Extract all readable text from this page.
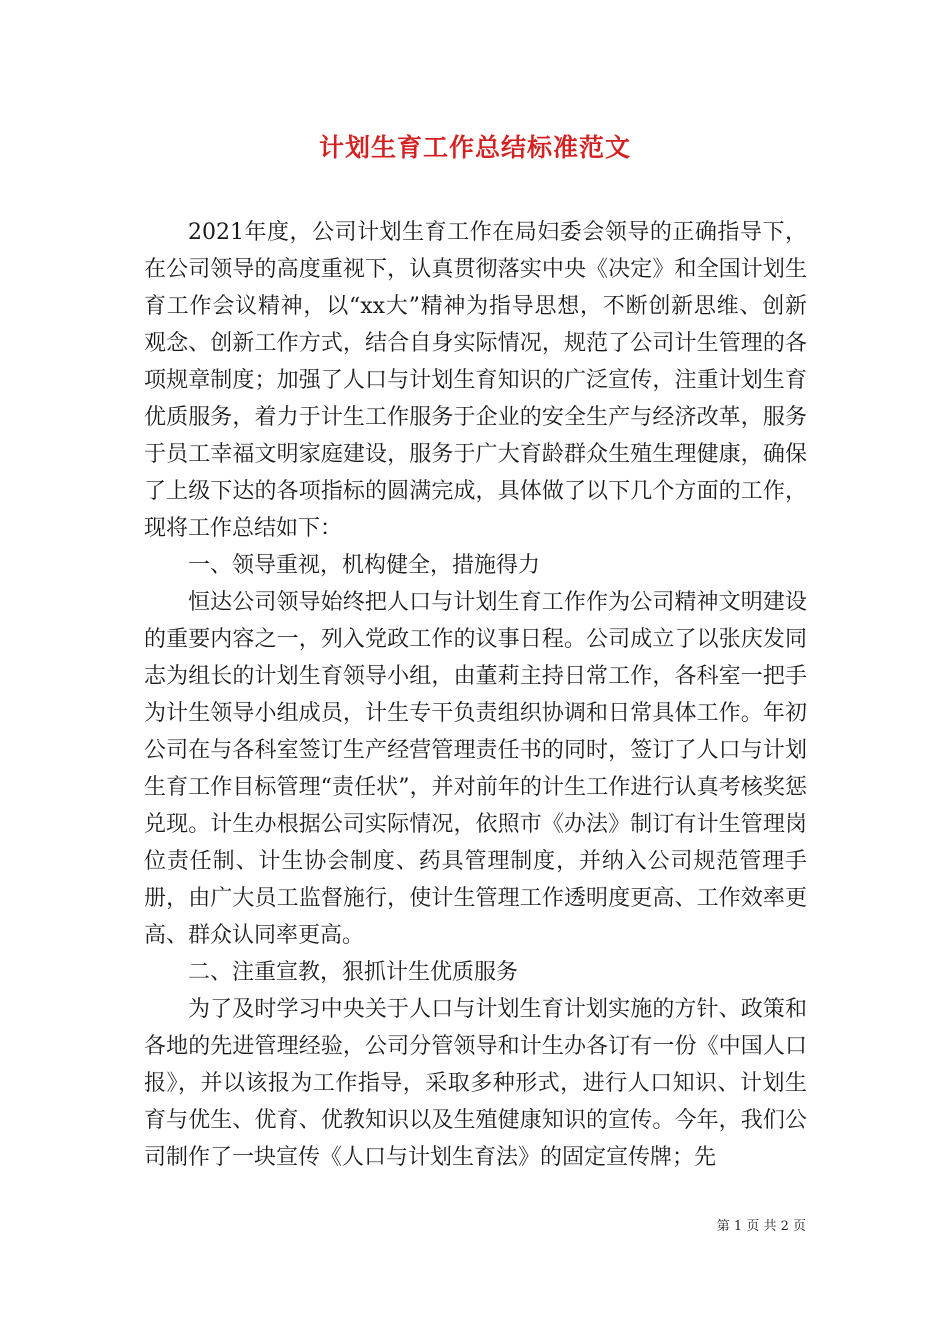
计划生育工作总结标准范文

2021年度，公司计划生育工作在局妇委会领导的正确指导下，在公司领导的高度重视下，认真贯彻落实中央《决定》和全国计划生育工作会议精神，以“xx大”精神为指导思想，不断创新思维、创新观念、创新工作方式，结合自身实际情况，规范了公司计生管理的各项规章制度；加强了人口与计划生育知识的广泛宣传，注重计划生育优质服务，着力于计生工作服务于企业的安全生产与经济改革，服务于员工幸福文明家庭建设，服务于广大育龄群众生殖生理健康，确保了上级下达的各项指标的圆满完成，具体做了以下几个方面的工作，现将工作总结如下：

一、领导重视，机构健全，措施得力

恒达公司领导始终把人口与计划生育工作作为公司精神文明建设的重要内容之一，列入党政工作的议事日程。公司成立了以张庆发同志为组长的计划生育领导小组，由董莉主持日常工作，各科室一把手为计生领导小组成员，计生专干负责组织协调和日常具体工作。年初公司在与各科室签订生产经营管理责任书的同时，签订了人口与计划生育工作目标管理“责任状”，并对前年的计生工作进行认真考核奖惩兑现。计生办根据公司实际情况，依照市《办法》制订有计生管理岗位责任制、计生协会制度、药具管理制度，并纳入公司规范管理手册，由广大员工监督施行，使计生管理工作透明度更高、工作效率更高、群众认同率更高。

二、注重宣教，狠抓计生优质服务

为了及时学习中央关于人口与计划生育计划实施的方针、政策和各地的先进管理经验，公司分管领导和计生办各订有一份《中国人口报》，并以该报为工作指导，采取多种形式，进行人口知识、计划生育与优生、优育、优教知识以及生殖健康知识的宣传。今年，我们公司制作了一块宣传《人口与计划生育法》的固定宣传牌；先

第 1 页 共 2 页
